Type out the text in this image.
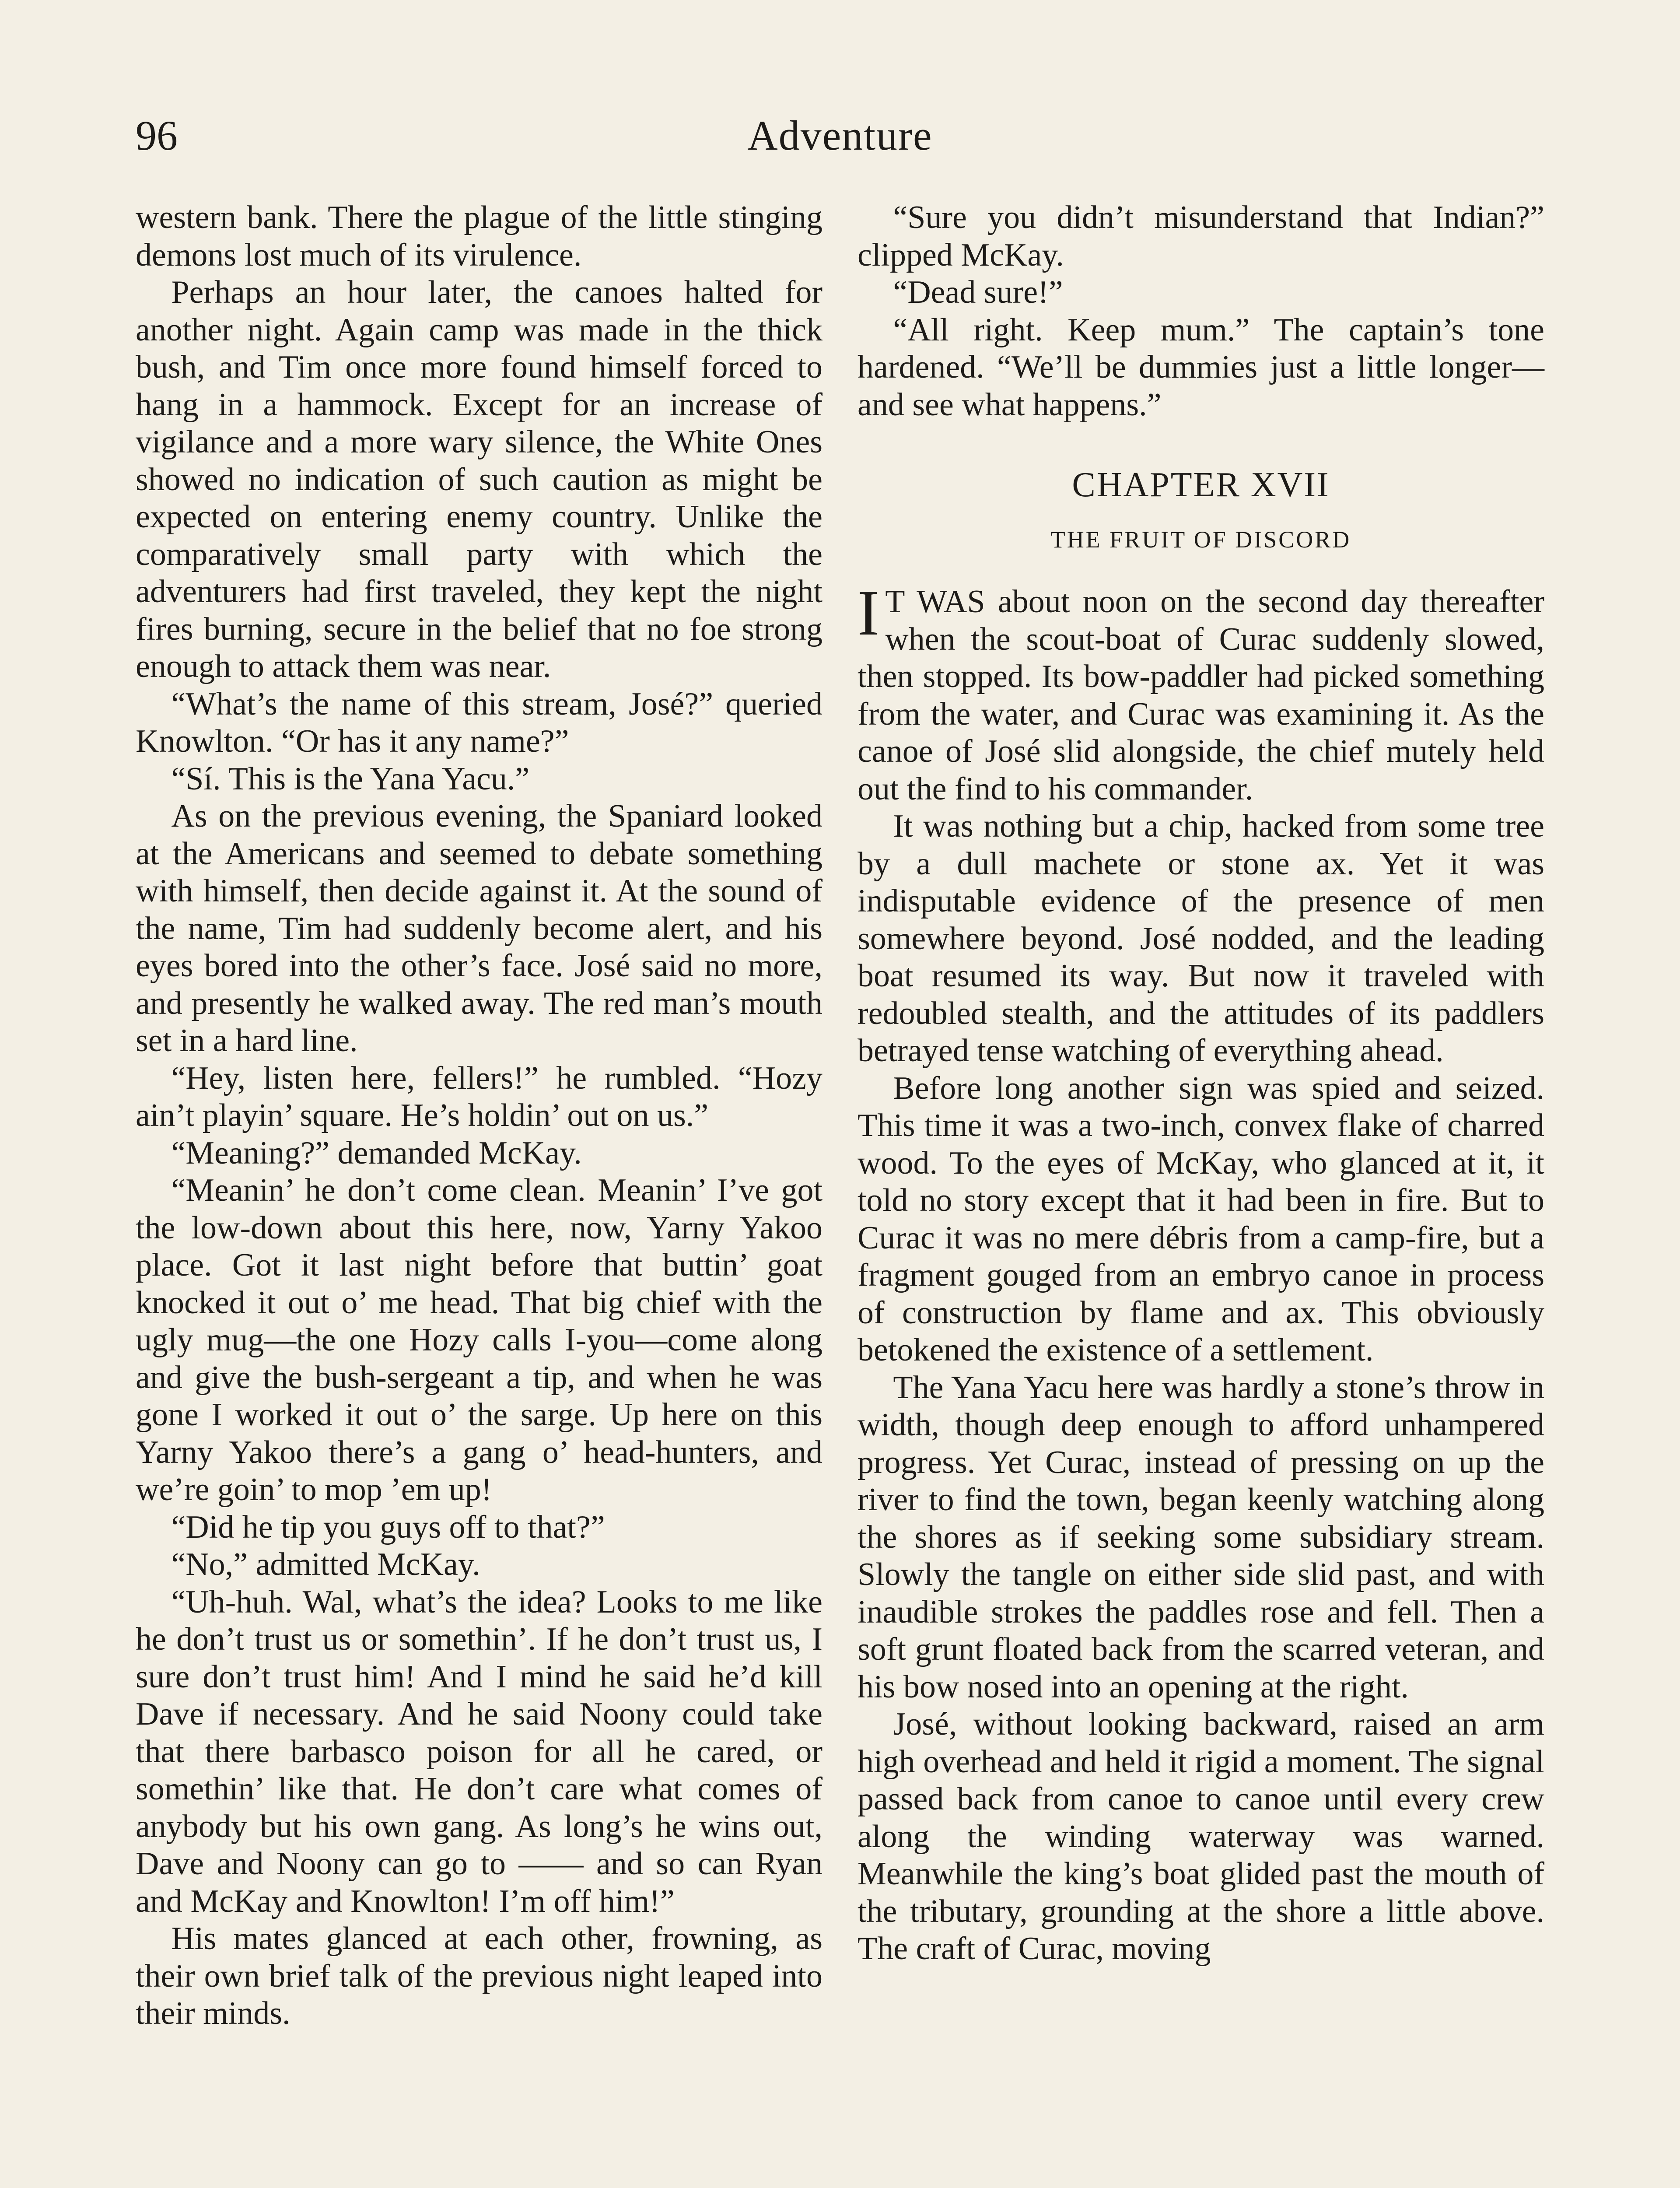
96	Adventure

western bank. There the plague of the little stinging demons lost much of its virulence.

Perhaps an hour later, the canoes halted for another night. Again camp was made in the thick bush, and Tim once more found himself forced to hang in a hammock. Except for an increase of vigilance and a more wary silence, the White Ones showed no indication of such caution as might be expected on entering enemy country. Unlike the comparatively small party with which the adventurers had first traveled, they kept the night fires burning, secure in the belief that no foe strong enough to attack them was near.

“What’s the name of this stream, José?” queried Knowlton. “Or has it any name?”

“Sí. This is the Yana Yacu.”

As on the previous evening, the Spaniard looked at the Americans and seemed to debate something with himself, then decide against it. At the sound of the name, Tim had suddenly become alert, and his eyes bored into the other’s face. José said no more, and presently he walked away. The red man’s mouth set in a hard line.

“Hey, listen here, fellers!” he rumbled. “Hozy ain’t playin’ square. He’s holdin’ out on us.”

“Meaning?” demanded McKay.

“Meanin’ he don’t come clean. Meanin’ I’ve got the low-down about this here, now, Yarny Yakoo place. Got it last night before that buttin’ goat knocked it out o’ me head. That big chief with the ugly mug—the one Hozy calls I-you—come along and give the bush-sergeant a tip, and when he was gone I worked it out o’ the sarge. Up here on this Yarny Yakoo there’s a gang o’ head-hunters, and we’re goin’ to mop ’em up!

“Did he tip you guys off to that?”

“No,” admitted McKay.

“Uh-huh. Wal, what’s the idea? Looks to me like he don’t trust us or somethin’. If he don’t trust us, I sure don’t trust him! And I mind he said he’d kill Dave if necessary. And he said Noony could take that there barbasco poison for all he cared, or somethin’ like that. He don’t care what comes of anybody but his own gang. As long’s he wins out, Dave and Noony can go to —— and so can Ryan and McKay and Knowlton! I’m off him!”

His mates glanced at each other, frowning, as their own brief talk of the previous night leaped into their minds.

“Sure you didn’t misunderstand that Indian?” clipped McKay.

“Dead sure!”

“All right. Keep mum.” The captain’s tone hardened. “We’ll be dummies just a little longer—and see what happens.”

CHAPTER XVII
THE FRUIT OF DISCORD

I T WAS about noon on the second day thereafter when the scout-boat of Curac suddenly slowed, then stopped. Its bow-paddler had picked something from the water, and Curac was examining it. As the canoe of José slid alongside, the chief mutely held out the find to his commander.

It was nothing but a chip, hacked from some tree by a dull machete or stone ax. Yet it was indisputable evidence of the presence of men somewhere beyond. José nodded, and the leading boat resumed its way. But now it traveled with redoubled stealth, and the attitudes of its paddlers betrayed tense watching of everything ahead.

Before long another sign was spied and seized. This time it was a two-inch, convex flake of charred wood. To the eyes of McKay, who glanced at it, it told no story except that it had been in fire. But to Curac it was no mere débris from a camp-fire, but a fragment gouged from an embryo canoe in process of construction by flame and ax. This obviously betokened the existence of a settlement.

The Yana Yacu here was hardly a stone’s throw in width, though deep enough to afford unhampered progress. Yet Curac, instead of pressing on up the river to find the town, began keenly watching along the shores as if seeking some subsidiary stream. Slowly the tangle on either side slid past, and with inaudible strokes the paddles rose and fell. Then a soft grunt floated back from the scarred veteran, and his bow nosed into an opening at the right.

José, without looking backward, raised an arm high overhead and held it rigid a moment. The signal passed back from canoe to canoe until every crew along the winding waterway was warned. Meanwhile the king’s boat glided past the mouth of the tributary, grounding at the shore a little above. The craft of Curac, moving
